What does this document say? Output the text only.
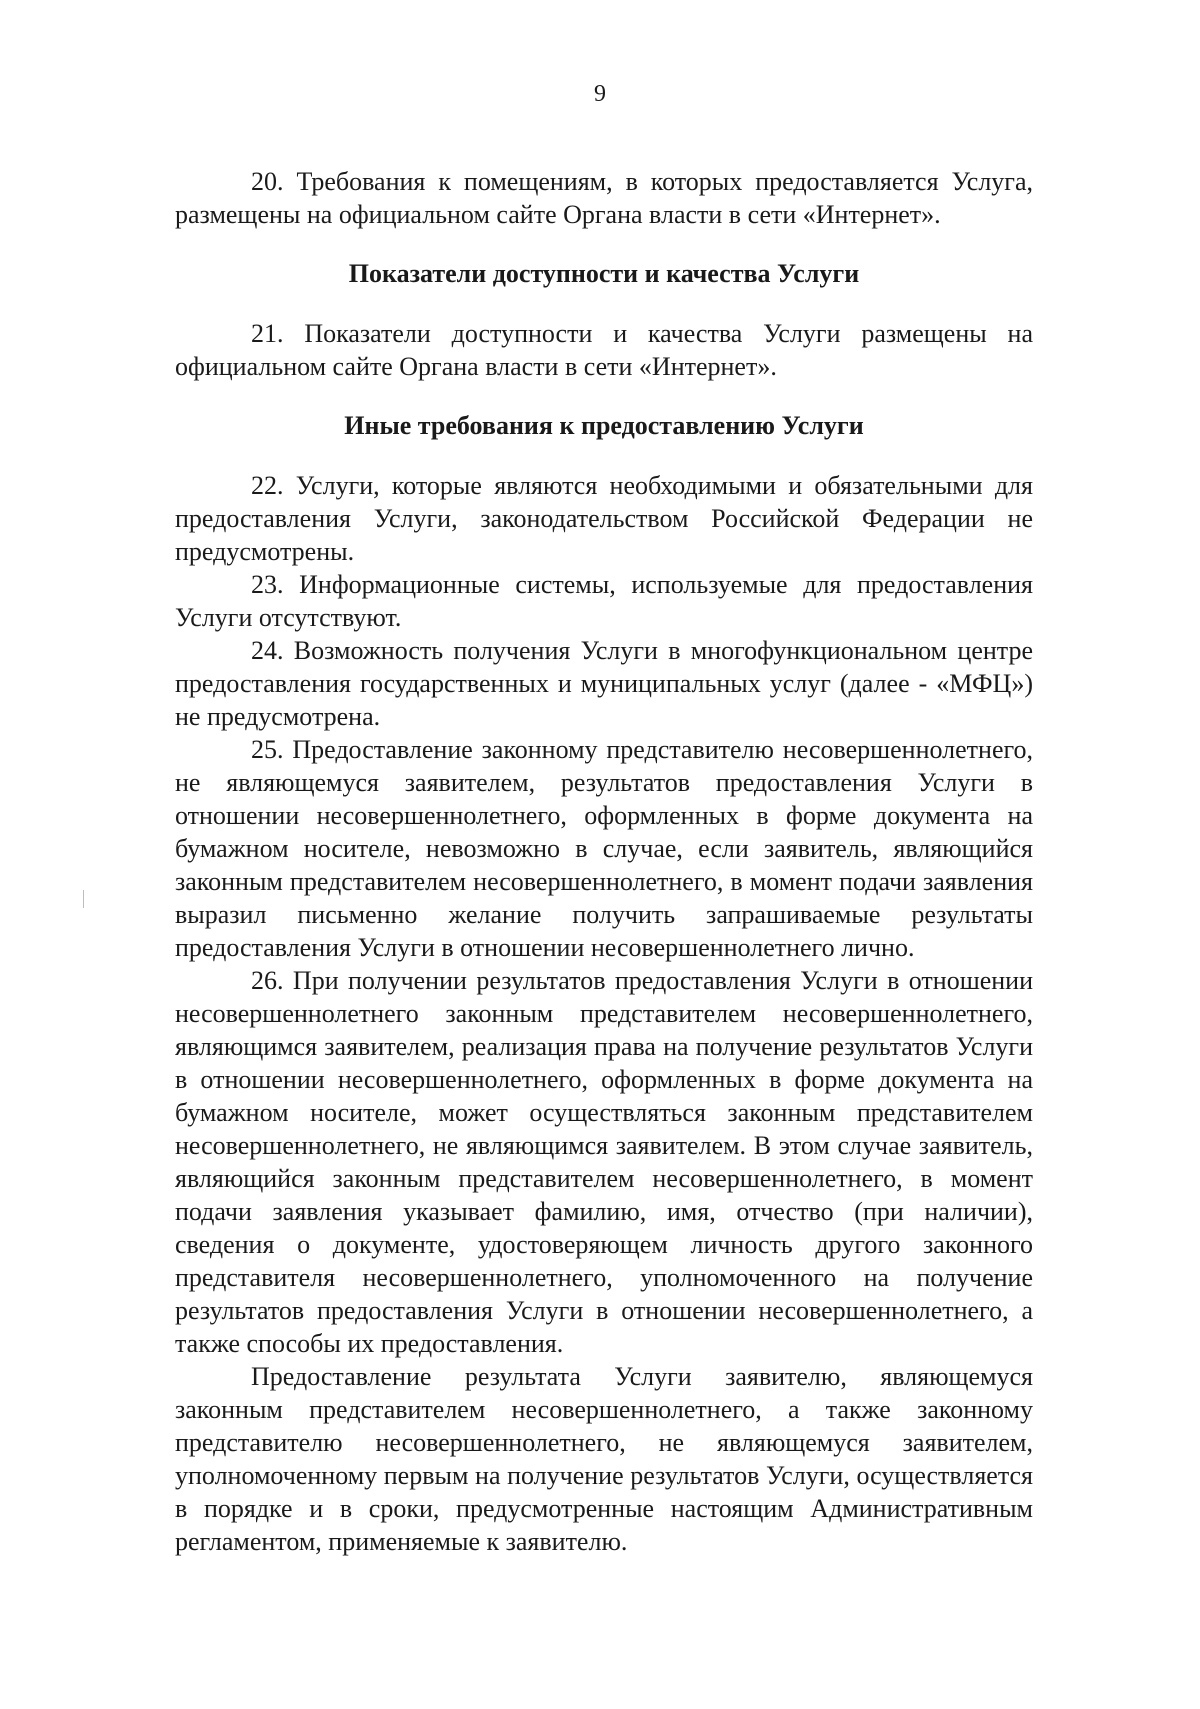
9

20. Требования к помещениям, в которых предоставляется Услуга, размещены на официальном сайте Органа власти в сети «Интернет».

Показатели доступности и качества Услуги

21. Показатели доступности и качества Услуги размещены на официальном сайте Органа власти в сети «Интернет».

Иные требования к предоставлению Услуги

22. Услуги, которые являются необходимыми и обязательными для предоставления Услуги, законодательством Российской Федерации не предусмотрены.

23. Информационные системы, используемые для предоставления Услуги отсутствуют.

24. Возможность получения Услуги в многофункциональном центре предоставления государственных и муниципальных услуг (далее - «МФЦ») не предусмотрена.

25. Предоставление законному представителю несовершеннолетнего, не являющемуся заявителем, результатов предоставления Услуги в отношении несовершеннолетнего, оформленных в форме документа на бумажном носителе, невозможно в случае, если заявитель, являющийся законным представителем несовершеннолетнего, в момент подачи заявления выразил письменно желание получить запрашиваемые результаты предоставления Услуги в отношении несовершеннолетнего лично.

26. При получении результатов предоставления Услуги в отношении несовершеннолетнего законным представителем несовершеннолетнего, являющимся заявителем, реализация права на получение результатов Услуги в отношении несовершеннолетнего, оформленных в форме документа на бумажном носителе, может осуществляться законным представителем несовершеннолетнего, не являющимся заявителем. В этом случае заявитель, являющийся законным представителем несовершеннолетнего, в момент подачи заявления указывает фамилию, имя, отчество (при наличии), сведения о документе, удостоверяющем личность другого законного представителя несовершеннолетнего, уполномоченного на получение результатов предоставления Услуги в отношении несовершеннолетнего, а также способы их предоставления.

Предоставление результата Услуги заявителю, являющемуся законным представителем несовершеннолетнего, а также законному представителю несовершеннолетнего, не являющемуся заявителем, уполномоченному первым на получение результатов Услуги, осуществляется в порядке и в сроки, предусмотренные настоящим Административным регламентом, применяемые к заявителю.
